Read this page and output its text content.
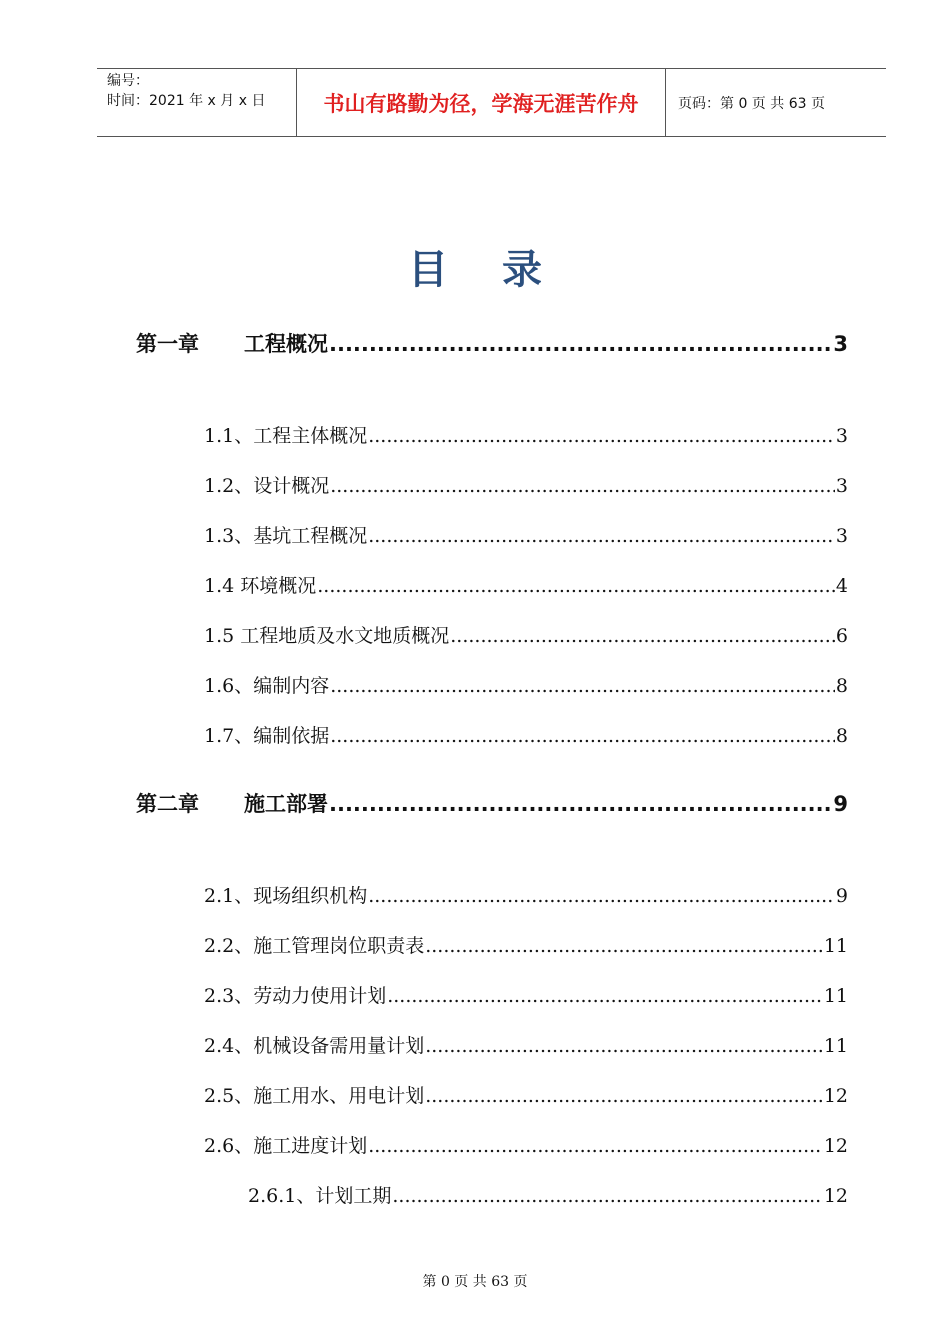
编号：
时间：2021 年 x 月 x 日	书山有路勤为径，学海无涯苦作舟	页码：第 0 页 共 63 页
目录
第一章 工程概况 .....	3
1.1、工程主体概况 .....	3
1.2、设计概况 .....	3
1.3、基坑工程概况 .....	3
1.4 环境概况 .....	4
1.5 工程地质及水文地质概况 .....	6
1.6、编制内容 .....	8
1.7、编制依据 .....	8
第二章 施工部署 .....	9
2.1、现场组织机构 .....	9
2.2、施工管理岗位职责表 .....	11
2.3、劳动力使用计划 .....	11
2.4、机械设备需用量计划 .....	11
2.5、施工用水、用电计划 .....	12
2.6、施工进度计划 .....	12
2.6.1、计划工期 .....	12
第 0 页 共 63 页
